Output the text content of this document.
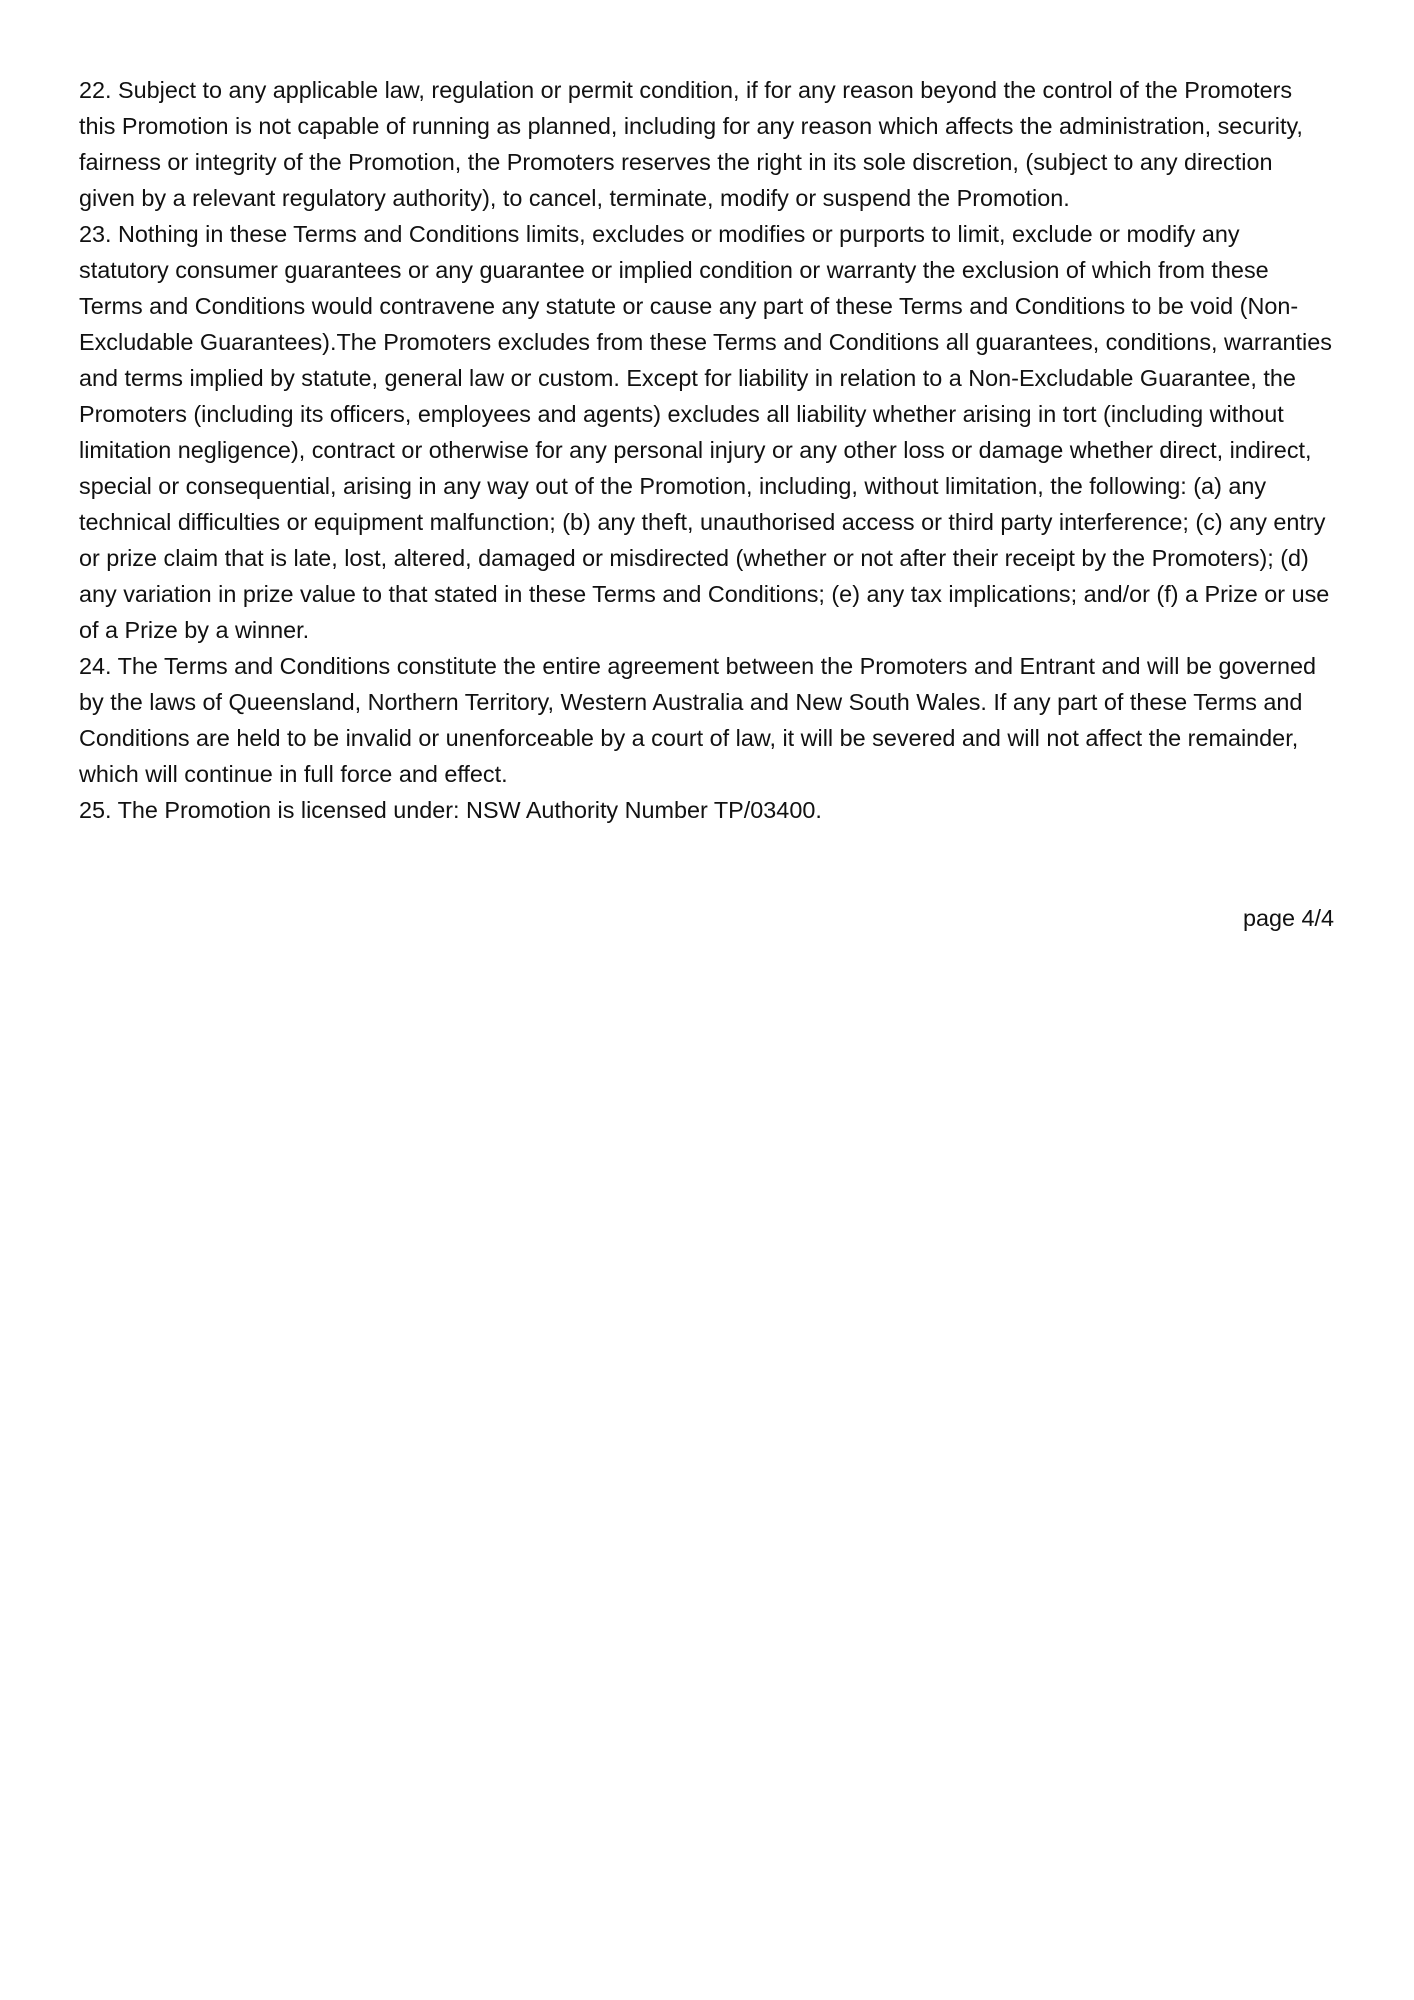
22. Subject to any applicable law, regulation or permit condition, if for any reason beyond the control of the Promoters this Promotion is not capable of running as planned, including for any reason which affects the administration, security, fairness or integrity of the Promotion, the Promoters reserves the right in its sole discretion, (subject to any direction given by a relevant regulatory authority), to cancel, terminate, modify or suspend the Promotion.

23. Nothing in these Terms and Conditions limits, excludes or modifies or purports to limit, exclude or modify any statutory consumer guarantees or any guarantee or implied condition or warranty the exclusion of which from these Terms and Conditions would contravene any statute or cause any part of these Terms and Conditions to be void (Non-Excludable Guarantees).The Promoters excludes from these Terms and Conditions all guarantees, conditions, warranties and terms implied by statute, general law or custom. Except for liability in relation to a Non-Excludable Guarantee, the Promoters (including its officers, employees and agents) excludes all liability whether arising in tort (including without limitation negligence), contract or otherwise for any personal injury or any other loss or damage whether direct, indirect, special or consequential, arising in any way out of the Promotion, including, without limitation, the following: (a) any technical difficulties or equipment malfunction; (b) any theft, unauthorised access or third party interference; (c) any entry or prize claim that is late, lost, altered, damaged or misdirected (whether or not after their receipt by the Promoters); (d) any variation in prize value to that stated in these Terms and Conditions; (e) any tax implications; and/or (f) a Prize or use of a Prize by a winner.

24. The Terms and Conditions constitute the entire agreement between the Promoters and Entrant and will be governed by the laws of Queensland, Northern Territory, Western Australia and New South Wales. If any part of these Terms and Conditions are held to be invalid or unenforceable by a court of law, it will be severed and will not affect the remainder, which will continue in full force and effect.

25. The Promotion is licensed under: NSW Authority Number TP/03400.

page 4/4
